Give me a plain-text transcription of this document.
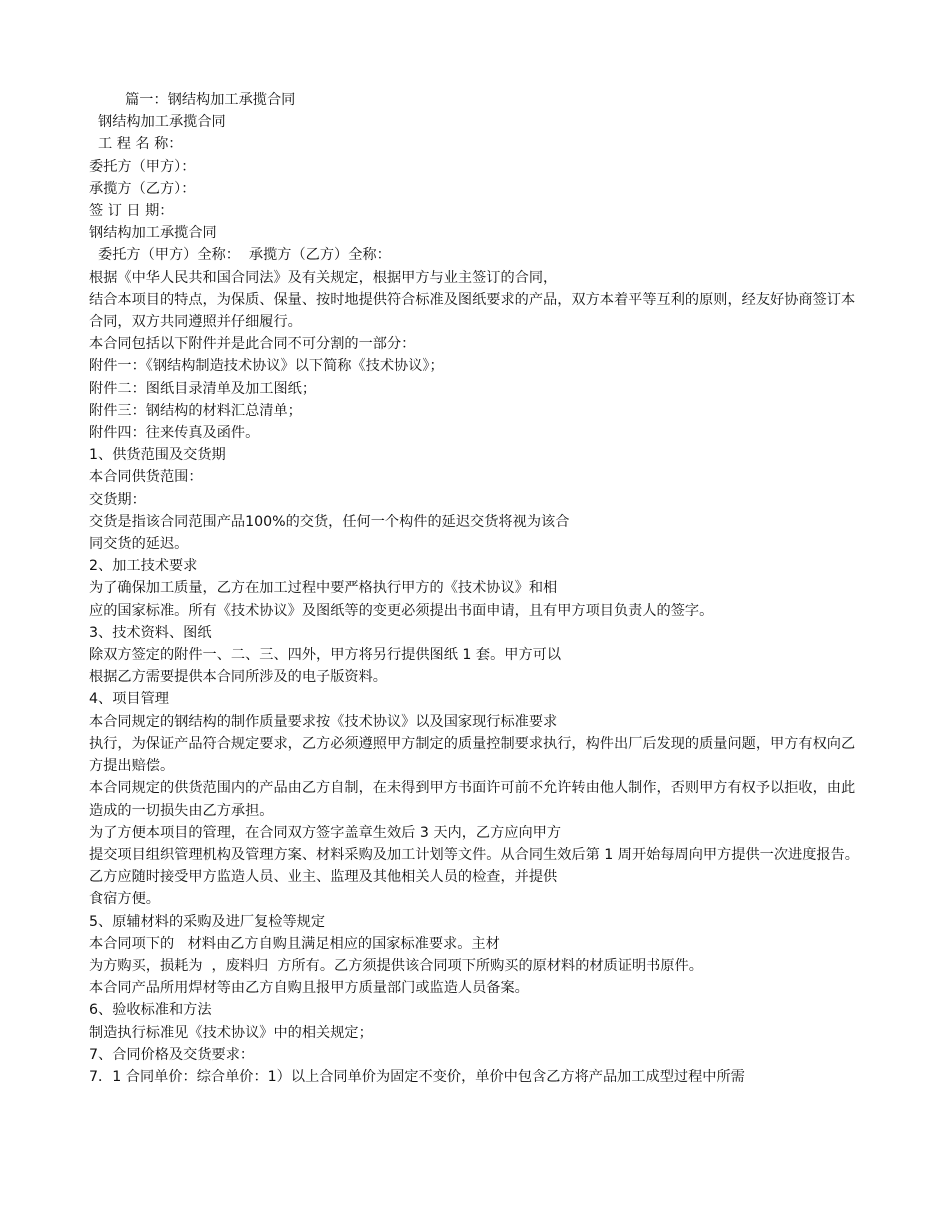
篇一：钢结构加工承揽合同
钢结构加工承揽合同
工 程 名 称：
委托方（甲方）：
承揽方（乙方）：
签 订 日 期：
钢结构加工承揽合同
委托方（甲方）全称：  承揽方（乙方）全称：
根据《中华人民共和国合同法》及有关规定，根据甲方与业主签订的合同，
结合本项目的特点，为保质、保量、按时地提供符合标准及图纸要求的产品，双方本着平等互利的原则，经友好协商签订本合同，双方共同遵照并仔细履行。
本合同包括以下附件并是此合同不可分割的一部分：
附件一：《钢结构制造技术协议》以下简称《技术协议》；
附件二：图纸目录清单及加工图纸；
附件三：钢结构的材料汇总清单；
附件四：往来传真及函件。
1、供货范围及交货期
本合同供货范围：
交货期：
交货是指该合同范围产品100%的交货，任何一个构件的延迟交货将视为该合
同交货的延迟。
2、加工技术要求
为了确保加工质量，乙方在加工过程中要严格执行甲方的《技术协议》和相
应的国家标准。所有《技术协议》及图纸等的变更必须提出书面申请，且有甲方项目负责人的签字。
3、技术资料、图纸
除双方签定的附件一、二、三、四外，甲方将另行提供图纸 1 套。甲方可以
根据乙方需要提供本合同所涉及的电子版资料。
4、项目管理
本合同规定的钢结构的制作质量要求按《技术协议》以及国家现行标准要求
执行，为保证产品符合规定要求，乙方必须遵照甲方制定的质量控制要求执行，构件出厂后发现的质量问题，甲方有权向乙方提出赔偿。
本合同规定的供货范围内的产品由乙方自制，在未得到甲方书面许可前不允许转由他人制作，否则甲方有权予以拒收，由此造成的一切损失由乙方承担。
为了方便本项目的管理，在合同双方签字盖章生效后 3 天内，乙方应向甲方
提交项目组织管理机构及管理方案、材料采购及加工计划等文件。从合同生效后第 1 周开始每周向甲方提供一次进度报告。
乙方应随时接受甲方监造人员、业主、监理及其他相关人员的检查，并提供
食宿方便。
5、原辅材料的采购及进厂复检等规定
本合同项下的   材料由乙方自购且满足相应的国家标准要求。主材
为方购买，损耗为  ，废料归  方所有。乙方须提供该合同项下所购买的原材料的材质证明书原件。
本合同产品所用焊材等由乙方自购且报甲方质量部门或监造人员备案。
6、验收标准和方法
制造执行标准见《技术协议》中的相关规定；
7、合同价格及交货要求：
7．1 合同单价：综合单价：1）以上合同单价为固定不变价，单价中包含乙方将产品加工成型过程中所需
